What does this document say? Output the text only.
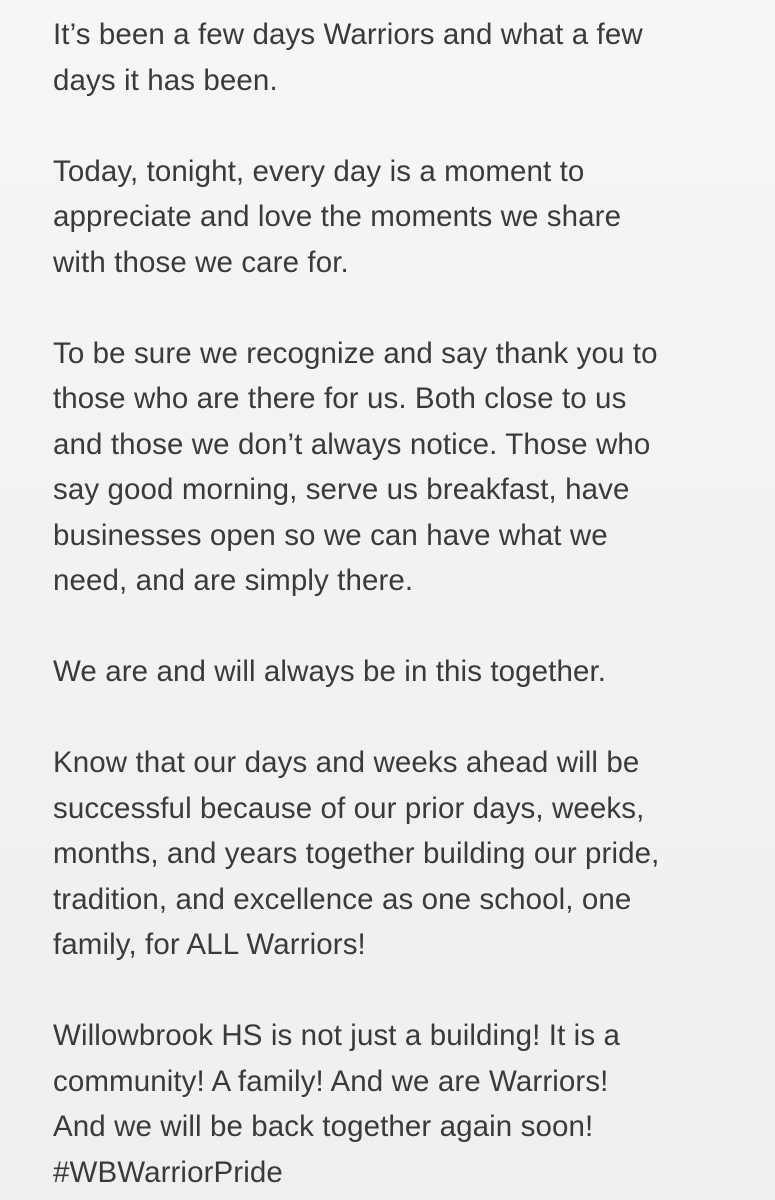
It’s been a few days Warriors and what a few
days it has been.

Today, tonight, every day is a moment to
appreciate and love the moments we share
with those we care for.

To be sure we recognize and say thank you to
those who are there for us. Both close to us
and those we don’t always notice. Those who
say good morning, serve us breakfast, have
businesses open so we can have what we
need, and are simply there.

We are and will always be in this together.

Know that our days and weeks ahead will be
successful because of our prior days, weeks,
months, and years together building our pride,
tradition, and excellence as one school, one
family, for ALL Warriors!

Willowbrook HS is not just a building! It is a
community! A family! And we are Warriors!
And we will be back together again soon!
#WBWarriorPride
